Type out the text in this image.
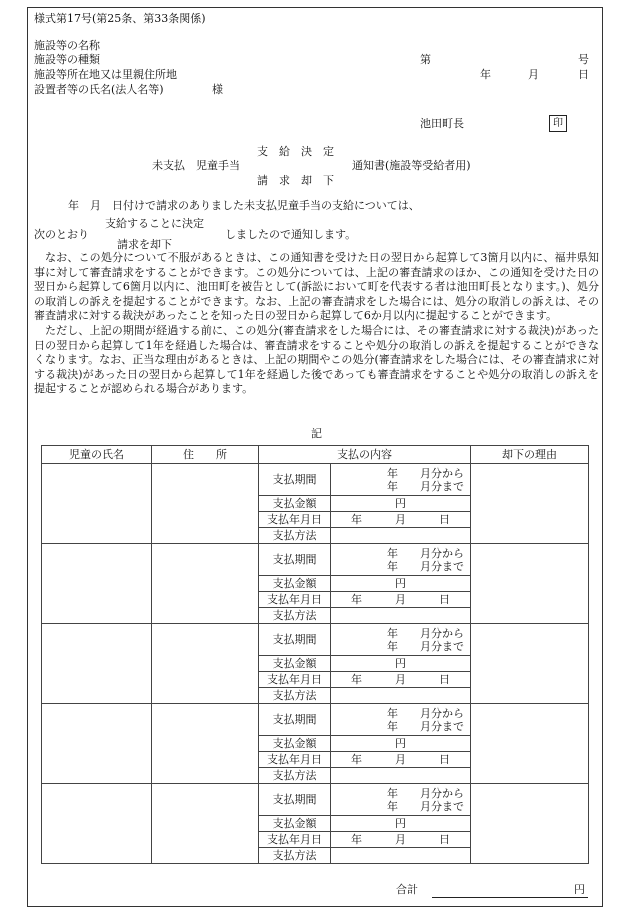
様式第17号(第25条、第33条関係)
施設等の名称
施設等の種類	第	号
施設等所在地又は里親住所地	年	月	日
設置者等の氏名(法人名等)	様
池田町長	印
支　給　決　定
未支払　児童手当	通知書(施設等受給者用)
請　求　却　下
年　月　日付けで請求のありました未支払児童手当の支給については、
次のとおり
支給することに決定
請求を却下
しましたので通知します。

なお、この処分について不服があるときは、この通知書を受けた日の翌日から起算して3箇月以内に、福井県知事に対して審査請求をすることができます。この処分については、上記の審査請求のほか、この通知を受けた日の翌日から起算して6箇月以内に、池田町を被告として(訴訟において町を代表する者は池田町長となります。)、処分の取消しの訴えを提起することができます。なお、上記の審査請求をした場合には、処分の取消しの訴えは、その審査請求に対する裁決があったことを知った日の翌日から起算して6か月以内に提起することができます。

ただし、上記の期間が経過する前に、この処分(審査請求をした場合には、その審査請求に対する裁決)があった日の翌日から起算して1年を経過した場合は、審査請求をすることや処分の取消しの訴えを提起することができなくなります。なお、正当な理由があるときは、上記の期間やこの処分(審査請求をした場合には、その審査請求に対する裁決)があった日の翌日から起算して1年を経過した後であっても審査請求をすることや処分の取消しの訴えを提起することが認められる場合があります。

記
児童の氏名	住　　所	支払の内容		却下の理由
		支払期間	年　　月分から
年　　月分まで	

		支払金額	円	
		支払年月日	年　　　月　　　日	
		支払方法		
		支払期間	年　　月分から
年　　月分まで	

		支払金額	円	
		支払年月日	年　　　月　　　日	
		支払方法		
		支払期間	年　　月分から
年　　月分まで	

		支払金額	円	
		支払年月日	年　　　月　　　日	
		支払方法		
		支払期間	年　　月分から
年　　月分まで	

		支払金額	円	
		支払年月日	年　　　月　　　日	
		支払方法		
		支払期間	年　　月分から
年　　月分まで	

		支払金額	円	
		支払年月日	年　　　月　　　日	
		支払方法		
合計	円
